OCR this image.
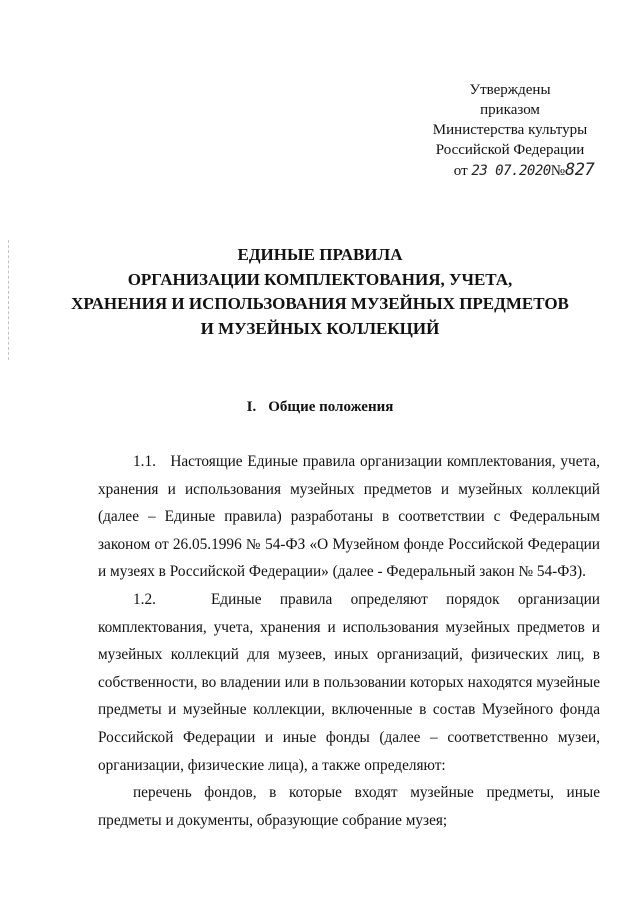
Утверждены
приказом
Министерства культуры
Российской Федерации
от 23 07.2020№827
ЕДИНЫЕ ПРАВИЛА
ОРГАНИЗАЦИИ КОМПЛЕКТОВАНИЯ, УЧЕТА,
ХРАНЕНИЯ И ИСПОЛЬЗОВАНИЯ МУЗЕЙНЫХ ПРЕДМЕТОВ
И МУЗЕЙНЫХ КОЛЛЕКЦИЙ
I. Общие положения

1.1. Настоящие Единые правила организации комплектования, учета, хранения и использования музейных предметов и музейных коллекций (далее – Единые правила) разработаны в соответствии с Федеральным законом от 26.05.1996 № 54-ФЗ «О Музейном фонде Российской Федерации и музеях в Российской Федерации» (далее - Федеральный закон № 54-ФЗ).

1.2.	Единые правила определяют порядок организации комплектования, учета, хранения и использования музейных предметов и музейных коллекций для музеев, иных организаций, физических лиц, в собственности, во владении или в пользовании которых находятся музейные предметы и музейные коллекции, включенные в состав Музейного фонда Российской Федерации и иные фонды (далее – соответственно музеи, организации, физические лица), а также определяют:

перечень фондов, в которые входят музейные предметы, иные предметы и документы, образующие собрание музея;
